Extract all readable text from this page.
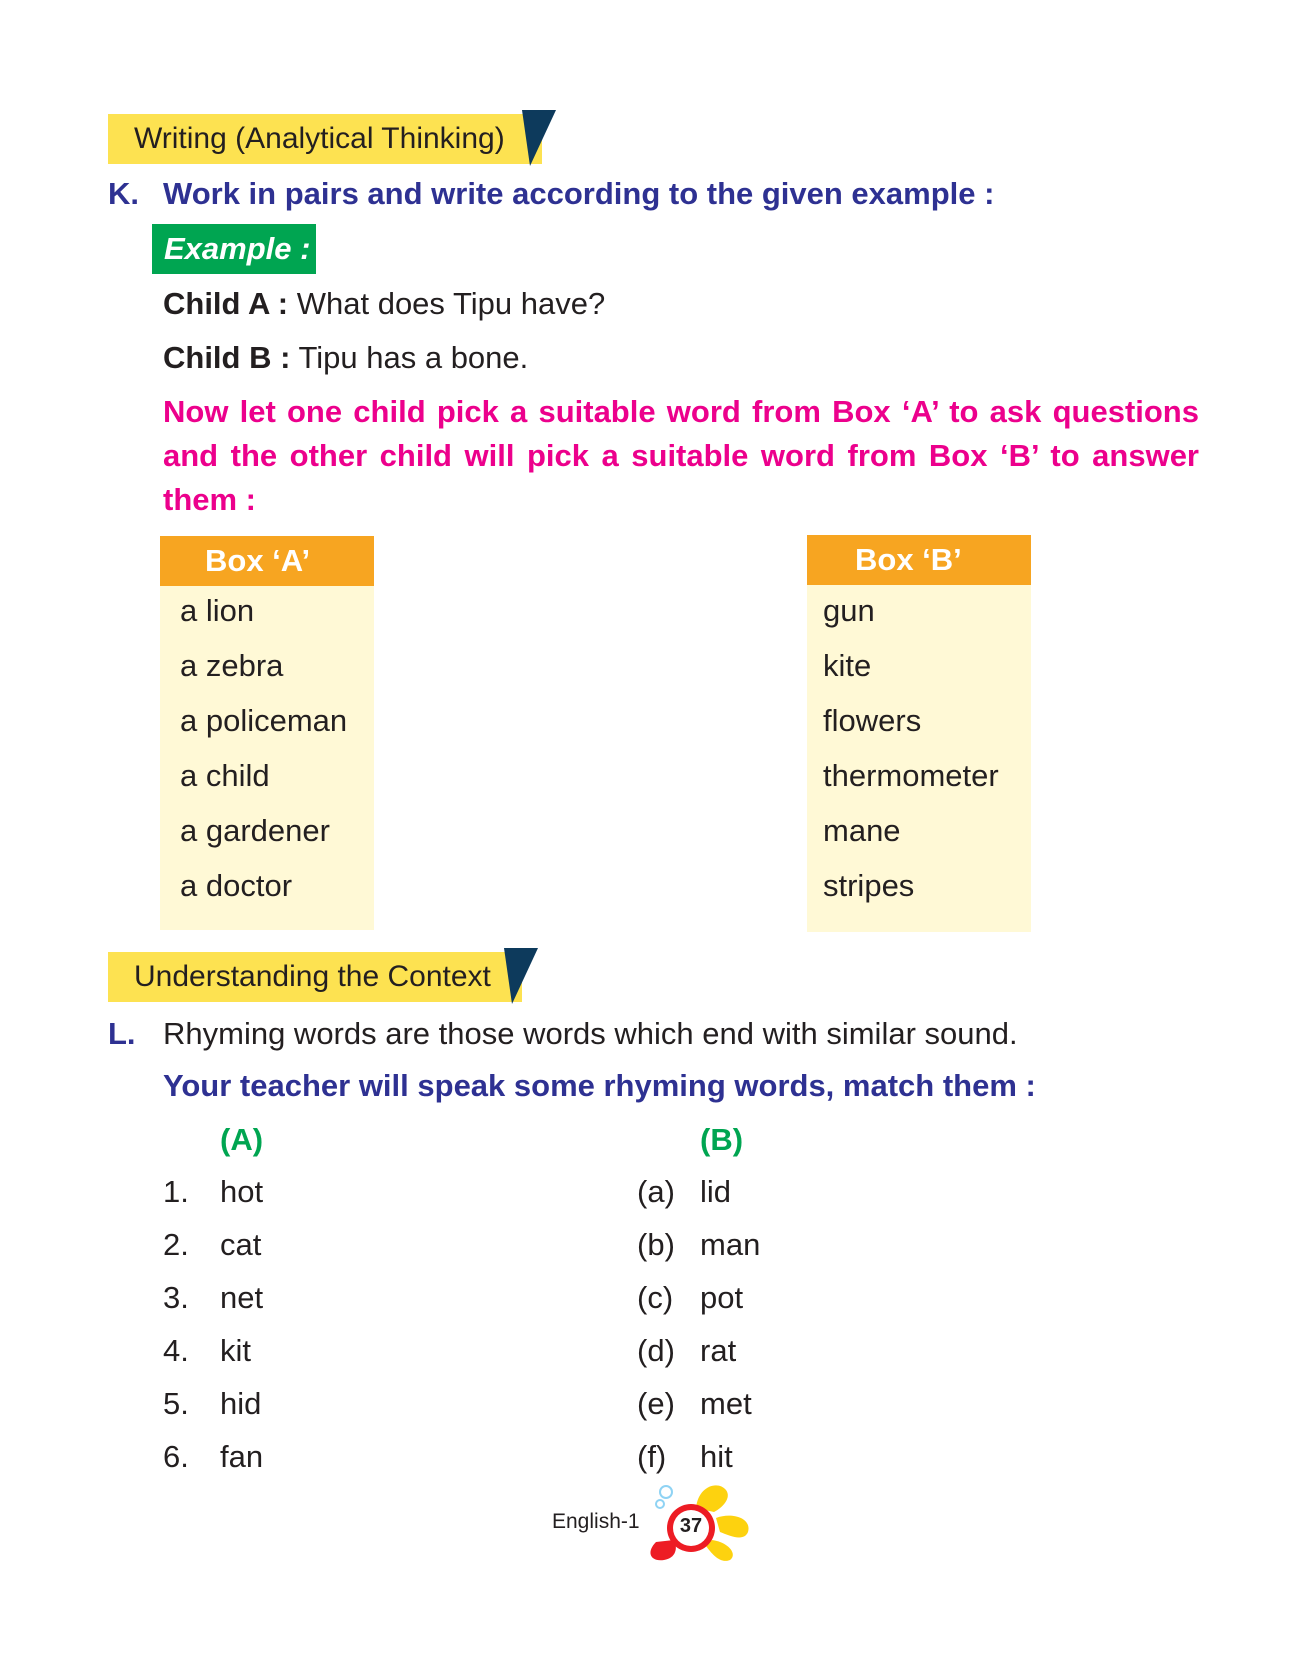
Writing (Analytical Thinking)
K. Work in pairs and write according to the given example :
Example :
Child A : What does Tipu have?
Child B : Tipu has a bone.
Now let one child pick a suitable word from Box ‘A’ to ask questions and the other child will pick a suitable word from Box ‘B’ to answer them :
Box ‘A’
a lion
a zebra
a policeman
a child
a gardener
a doctor
Box ‘B’
gun
kite
flowers
thermometer
mane
stripes
Understanding the Context
L. Rhyming words are those words which end with similar sound.
Your teacher will speak some rhyming words, match them :
(A)	(B)
1. hot
2. cat
3. net
4. kit
5. hid
6. fan
(a) lid
(b) man
(c) pot
(d) rat
(e) met
(f) hit
English-1 37
